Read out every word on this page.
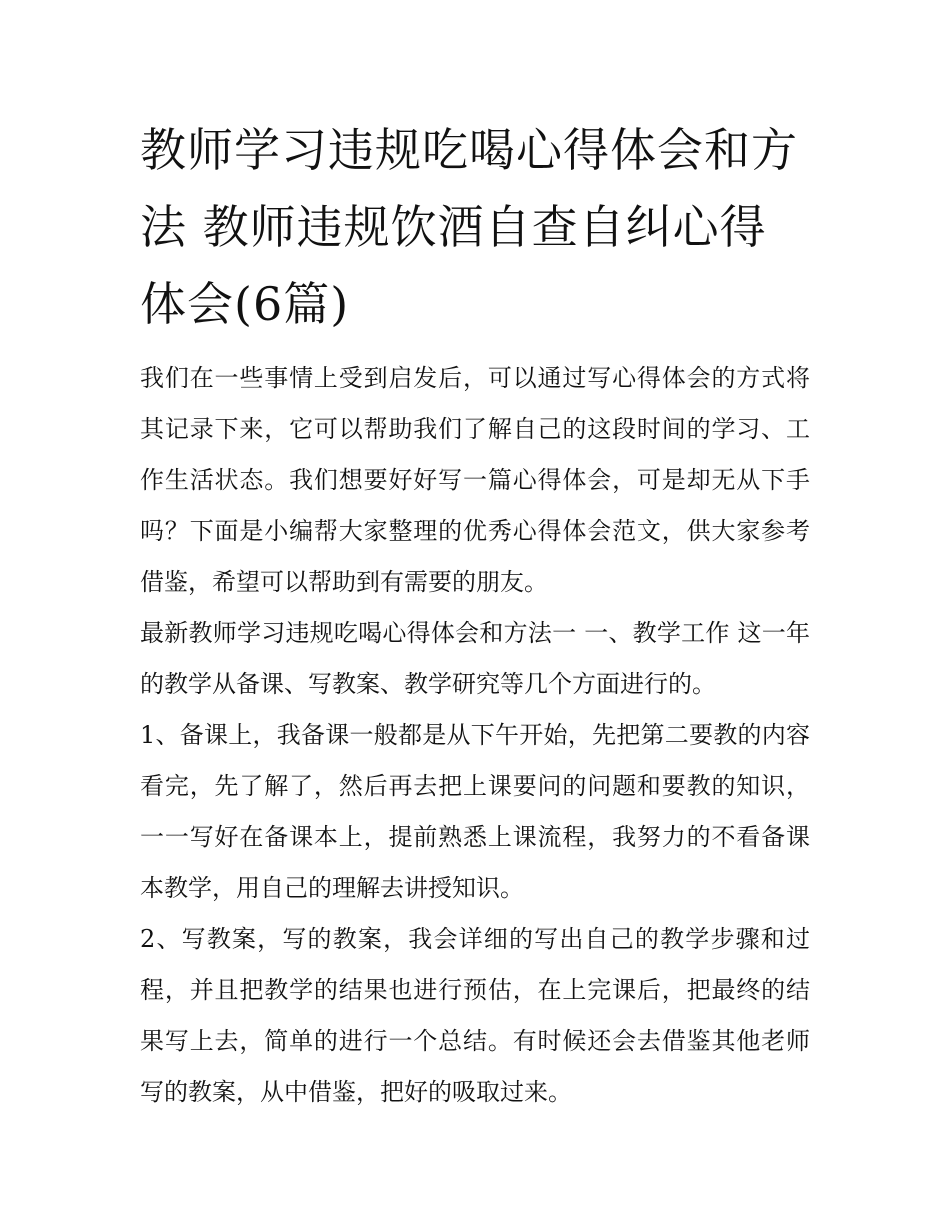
教师学习违规吃喝心得体会和方法 教师违规饮酒自查自纠心得体会(6篇)

我们在一些事情上受到启发后，可以通过写心得体会的方式将其记录下来，它可以帮助我们了解自己的这段时间的学习、工作生活状态。我们想要好好写一篇心得体会，可是却无从下手吗？下面是小编帮大家整理的优秀心得体会范文，供大家参考借鉴，希望可以帮助到有需要的朋友。

最新教师学习违规吃喝心得体会和方法一 一、教学工作 这一年的教学从备课、写教案、教学研究等几个方面进行的。

1、备课上，我备课一般都是从下午开始，先把第二要教的内容看完，先了解了，然后再去把上课要问的问题和要教的知识，一一写好在备课本上，提前熟悉上课流程，我努力的不看备课本教学，用自己的理解去讲授知识。

2、写教案，写的教案，我会详细的写出自己的教学步骤和过程，并且把教学的结果也进行预估，在上完课后，把最终的结果写上去，简单的进行一个总结。有时候还会去借鉴其他老师写的教案，从中借鉴，把好的吸取过来。
